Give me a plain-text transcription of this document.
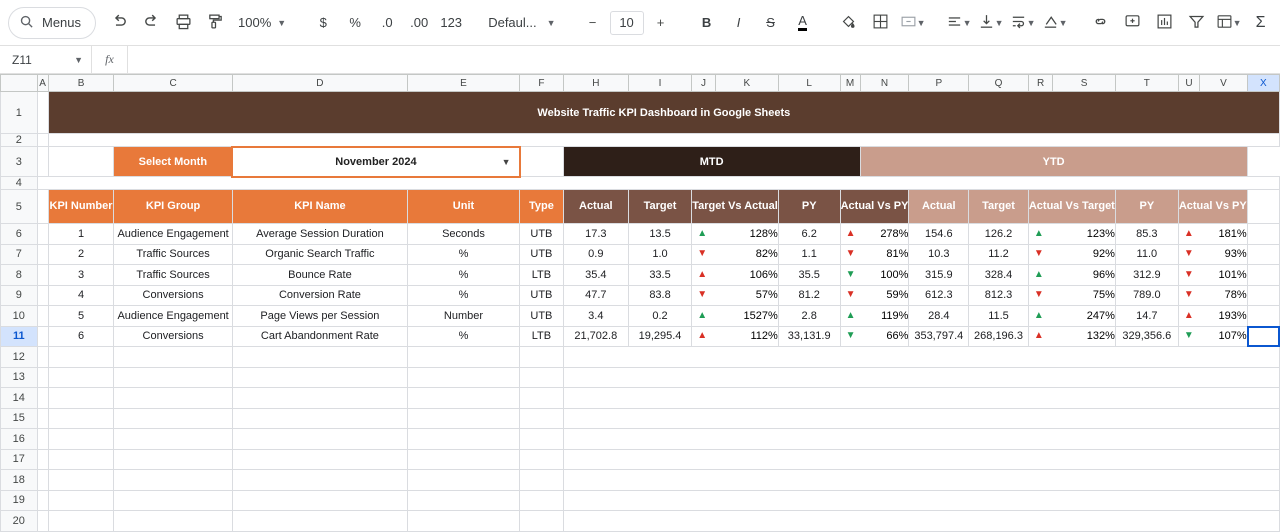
Menus	100% ▼	$	%	.0	.00 123	Defaul... ▼	−	10	+	B	I	S	A	▼	▼	▼	▼	▼	▼ Σ
Z11	▼	fx
	A	B	C	D	E	F	H	I	J	K	L	M	N	P	Q	R	S	T	U	V	X
1		Website Traffic KPI Dashboard in Google Sheets																			
2																					
3			Select Month	November 2024 ▼			MTD						YTD								
4																					
5		KPI Number	KPI Group	KPI Name	Unit	Type	Actual	Target	Target Vs Actual		PY	Actual Vs PY		Actual	Target	Actual Vs Target		PY	Actual Vs PY		
6		1	Audience Engagement	Average Session Duration	Seconds	UTB	17.3	13.5	▲ 128%		6.2	▲ 278%		154.6	126.2	▲ 123%		85.3	▲ 181%		
7		2	Traffic Sources	Organic Search Traffic	%	UTB	0.9	1.0	▼ 82%		1.1	▼ 81%		10.3	11.2	▼ 92%		11.0	▼ 93%		
8		3	Traffic Sources	Bounce Rate	%	LTB	35.4	33.5	▲ 106%		35.5	▼ 100%		315.9	328.4	▲ 96%		312.9	▼ 101%		
9		4	Conversions	Conversion Rate	%	UTB	47.7	83.8	▼ 57%		81.2	▼ 59%		612.3	812.3	▼ 75%		789.0	▼ 78%		
10		5	Audience Engagement	Page Views per Session	Number	UTB	3.4	0.2	▲ 1527%		2.8	▲ 119%		28.4	11.5	▲ 247%		14.7	▲ 193%		
11		6	Conversions	Cart Abandonment Rate	%	LTB	21,702.8	19,295.4	▲ 112%		33,131.9	▼ 66%		353,797.4	268,196.3	▲ 132%		329,356.6	▼ 107%		
12																					
13																					
14																					
15																					
16																					
17																					
18																					
19																					
20																					
